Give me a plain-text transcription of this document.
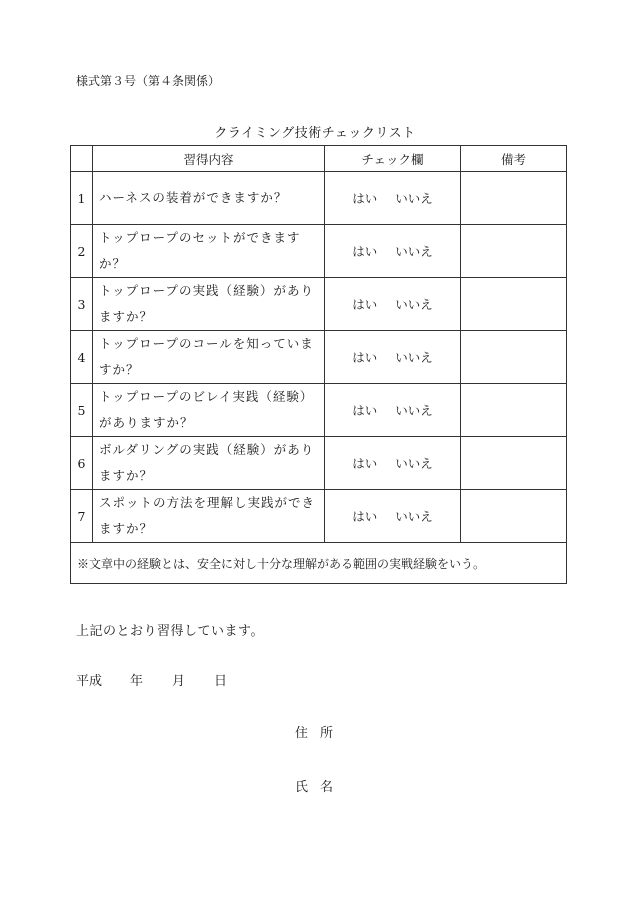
様式第３号（第４条関係）
クライミング技術チェックリスト
	習得内容	チェック欄	備考
1	ハーネスの装着ができますか？	はい いいえ	
2	トップロープのセットができますか？	はい いいえ	
3	トップロープの実践（経験）がありますか？	はい いいえ	
4	トップロープのコールを知っていますか？	はい いいえ	
5	トップロープのビレイ実践（経験）がありますか？	はい いいえ	
6	ボルダリングの実践（経験）がありますか？	はい いいえ	
7	スポットの方法を理解し実践ができますか？	はい いいえ	
※文章中の経験とは、安全に対し十分な理解がある範囲の実戦経験をいう。			
上記のとおり習得しています。
平成 年 月 日
住 所
氏 名
